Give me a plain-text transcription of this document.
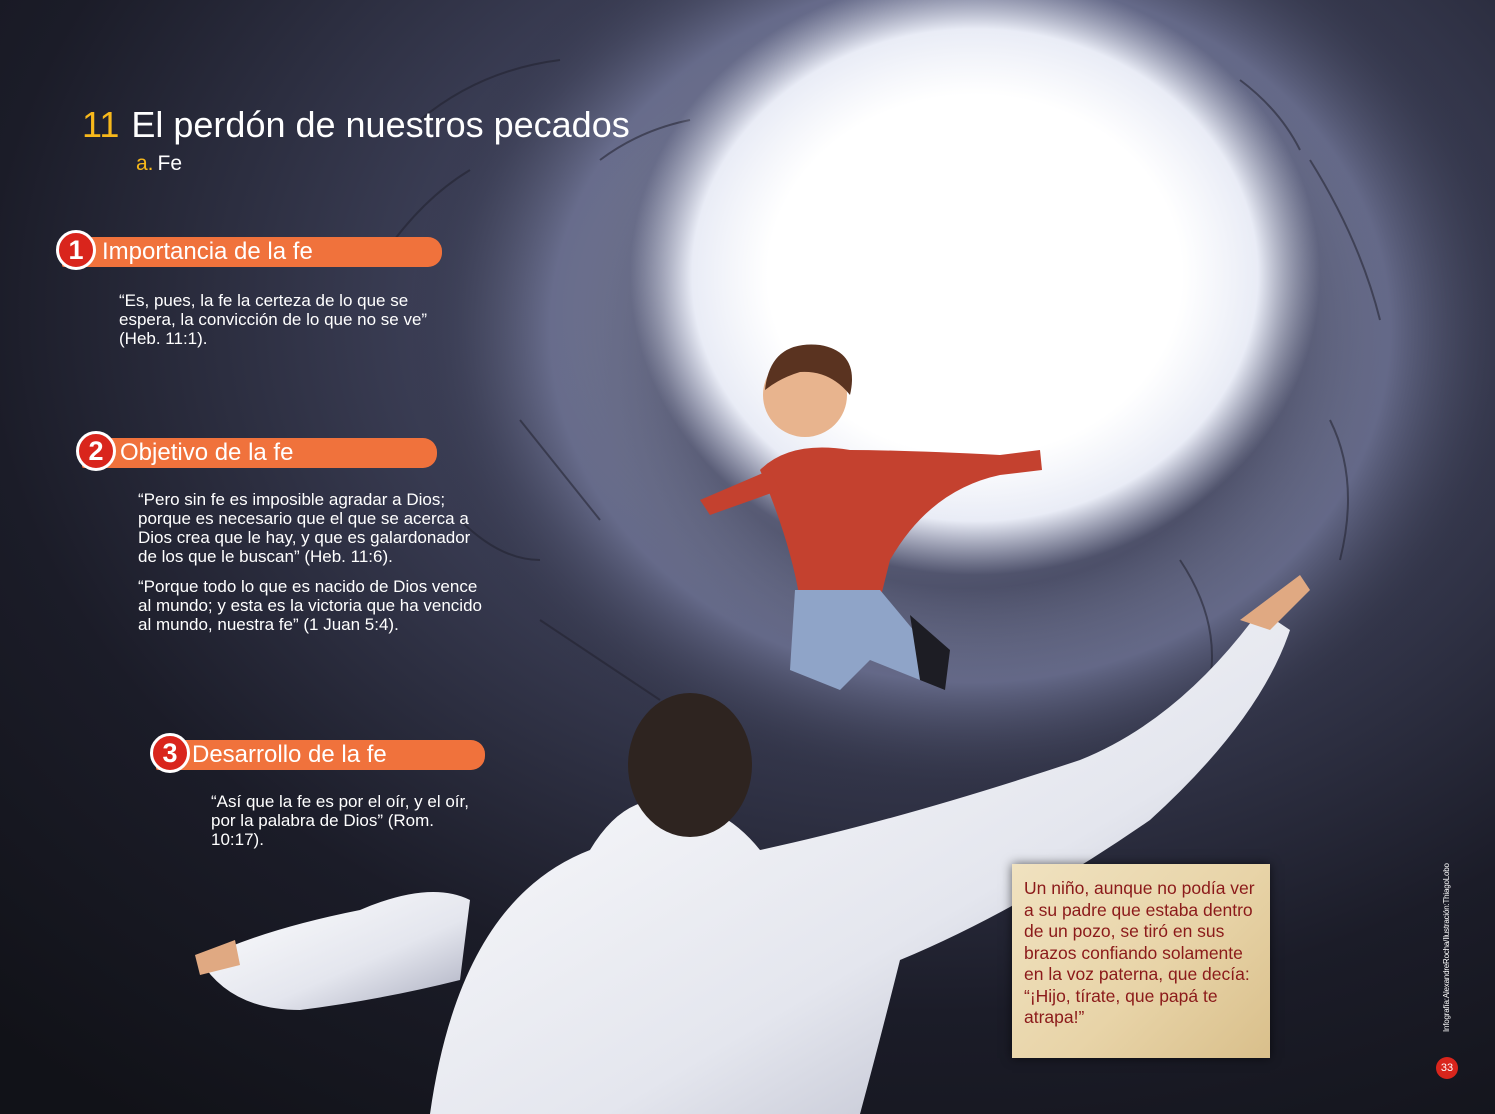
11 El perdón de nuestros pecados
a. Fe
1 Importancia de la fe

“Es, pues, la fe la certeza de lo que se espera, la convicción de lo que no se ve” (Heb. 11:1).

2 Objetivo de la fe

“Pero sin fe es imposible agradar a Dios; porque es necesario que el que se acerca a Dios crea que le hay, y que es galardonador de los que le buscan” (Heb. 11:6).

“Porque todo lo que es nacido de Dios vence al mundo; y esta es la victoria que ha vencido al mundo, nuestra fe” (1 Juan 5:4).

3 Desarrollo de la fe

“Así que la fe es por el oír, y el oír, por la palabra de Dios” (Rom. 10:17).

Un niño, aunque no podía ver a su padre que estaba dentro de un pozo, se tiró en sus brazos confiando solamente en la voz paterna, que decía: “¡Hijo, tírate, que papá te atrapa!”	Infografía:AlexandreRocha/Ilustración:ThiagoLobo
33
